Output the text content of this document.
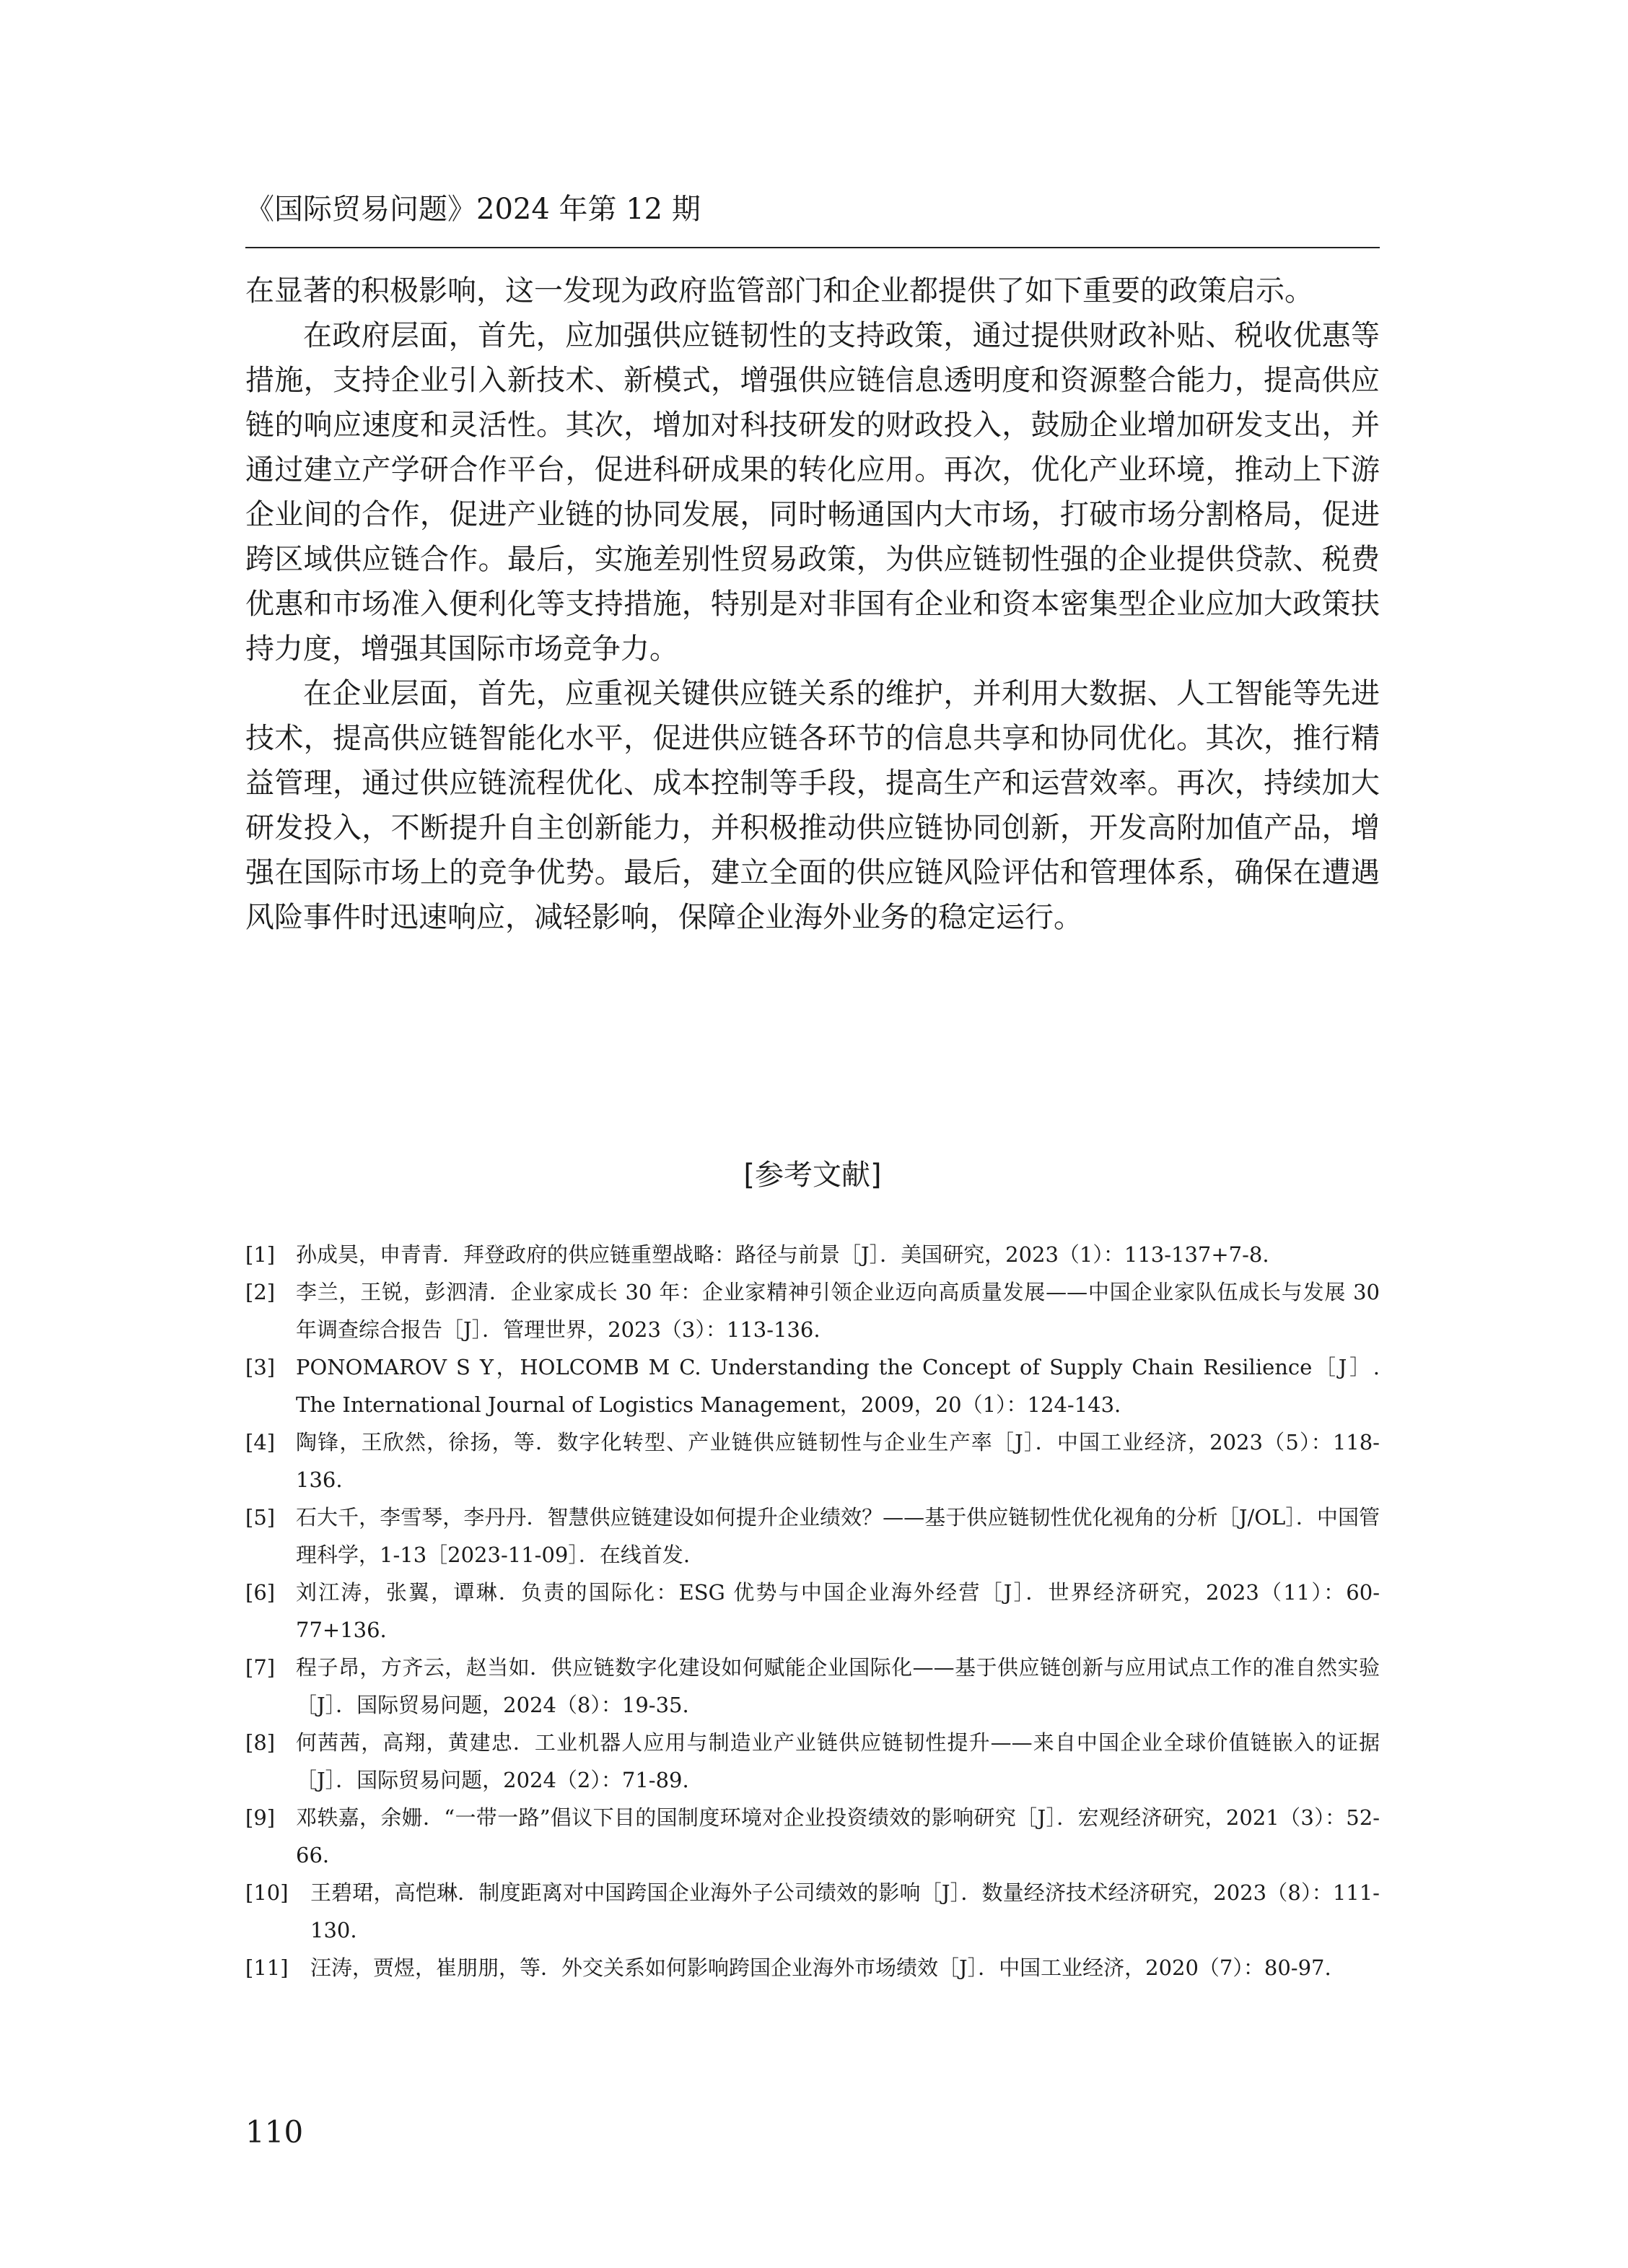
《国际贸易问题》2024 年第 12 期

在显著的积极影响，这一发现为政府监管部门和企业都提供了如下重要的政策启示。

在政府层面，首先，应加强供应链韧性的支持政策，通过提供财政补贴、税收优惠等措施，支持企业引入新技术、新模式，增强供应链信息透明度和资源整合能力，提高供应链的响应速度和灵活性。其次，增加对科技研发的财政投入，鼓励企业增加研发支出，并通过建立产学研合作平台，促进科研成果的转化应用。再次，优化产业环境，推动上下游企业间的合作，促进产业链的协同发展，同时畅通国内大市场，打破市场分割格局，促进跨区域供应链合作。最后，实施差别性贸易政策，为供应链韧性强的企业提供贷款、税费优惠和市场准入便利化等支持措施，特别是对非国有企业和资本密集型企业应加大政策扶持力度，增强其国际市场竞争力。

在企业层面，首先，应重视关键供应链关系的维护，并利用大数据、人工智能等先进技术，提高供应链智能化水平，促进供应链各环节的信息共享和协同优化。其次，推行精益管理，通过供应链流程优化、成本控制等手段，提高生产和运营效率。再次，持续加大研发投入，不断提升自主创新能力，并积极推动供应链协同创新，开发高附加值产品，增强在国际市场上的竞争优势。最后，建立全面的供应链风险评估和管理体系，确保在遭遇风险事件时迅速响应，减轻影响，保障企业海外业务的稳定运行。

[参考文献]
[1] 孙成昊，申青青．拜登政府的供应链重塑战略：路径与前景［J］．美国研究，2023（1）：113-137+7-8.
[2] 李兰，王锐，彭泗清．企业家成长 30 年：企业家精神引领企业迈向高质量发展——中国企业家队伍成长与发展 30 年调查综合报告［J］．管理世界，2023（3）：113-136.
[3] PONOMAROV S Y，HOLCOMB M C. Understanding the Concept of Supply Chain Resilience［J］. The International Journal of Logistics Management，2009，20（1）：124-143.
[4] 陶锋，王欣然，徐扬，等．数字化转型、产业链供应链韧性与企业生产率［J］．中国工业经济，2023（5）：118-136.
[5] 石大千，李雪琴，李丹丹．智慧供应链建设如何提升企业绩效？——基于供应链韧性优化视角的分析［J/OL］．中国管理科学，1-13［2023-11-09］．在线首发.
[6] 刘江涛，张翼，谭琳．负责的国际化：ESG 优势与中国企业海外经营［J］．世界经济研究，2023（11）：60-77+136.
[7] 程子昂，方齐云，赵当如．供应链数字化建设如何赋能企业国际化——基于供应链创新与应用试点工作的准自然实验［J］．国际贸易问题，2024（8）：19-35.
[8] 何茜茜，高翔，黄建忠．工业机器人应用与制造业产业链供应链韧性提升——来自中国企业全球价值链嵌入的证据［J］．国际贸易问题，2024（2）：71-89.
[9] 邓轶嘉，余姗．“一带一路”倡议下目的国制度环境对企业投资绩效的影响研究［J］．宏观经济研究，2021（3）：52-66.
[10] 王碧珺，高恺琳．制度距离对中国跨国企业海外子公司绩效的影响［J］．数量经济技术经济研究，2023（8）：111-130.
[11] 汪涛，贾煜，崔朋朋，等．外交关系如何影响跨国企业海外市场绩效［J］．中国工业经济，2020（7）：80-97.
110
